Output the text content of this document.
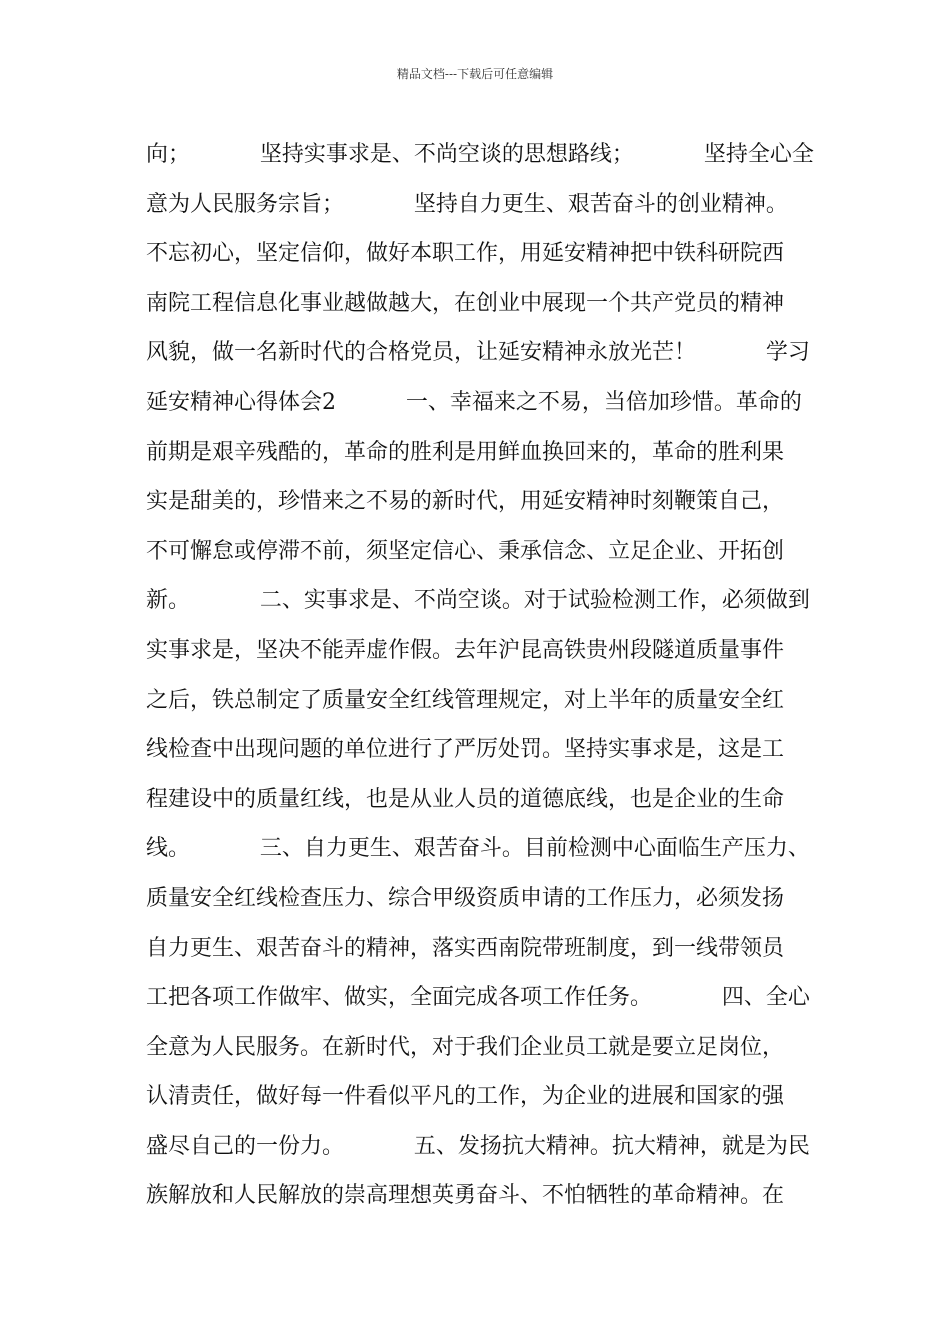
精品文档---下载后可任意编辑
向；          坚持实事求是、不尚空谈的思想路线；          坚持全心全
意为人民服务宗旨；          坚持自力更生、艰苦奋斗的创业精神。
不忘初心，坚定信仰，做好本职工作，用延安精神把中铁科研院西
南院工程信息化事业越做越大，在创业中展现一个共产党员的精神
风貌，做一名新时代的合格党员，让延安精神永放光芒！          学习
延安精神心得体会2          一、幸福来之不易，当倍加珍惜。革命的
前期是艰辛残酷的，革命的胜利是用鲜血换回来的，革命的胜利果
实是甜美的，珍惜来之不易的新时代，用延安精神时刻鞭策自己，
不可懈怠或停滞不前，须坚定信心、秉承信念、立足企业、开拓创
新。          二、实事求是、不尚空谈。对于试验检测工作，必须做到
实事求是，坚决不能弄虚作假。去年沪昆高铁贵州段隧道质量事件
之后，铁总制定了质量安全红线管理规定，对上半年的质量安全红
线检查中出现问题的单位进行了严厉处罚。坚持实事求是，这是工
程建设中的质量红线，也是从业人员的道德底线，也是企业的生命
线。          三、自力更生、艰苦奋斗。目前检测中心面临生产压力、
质量安全红线检查压力、综合甲级资质申请的工作压力，必须发扬
自力更生、艰苦奋斗的精神，落实西南院带班制度，到一线带领员
工把各项工作做牢、做实，全面完成各项工作任务。          四、全心
全意为人民服务。在新时代，对于我们企业员工就是要立足岗位，
认清责任，做好每一件看似平凡的工作，为企业的进展和国家的强
盛尽自己的一份力。          五、发扬抗大精神。抗大精神，就是为民
族解放和人民解放的崇高理想英勇奋斗、不怕牺牲的革命精神。在
